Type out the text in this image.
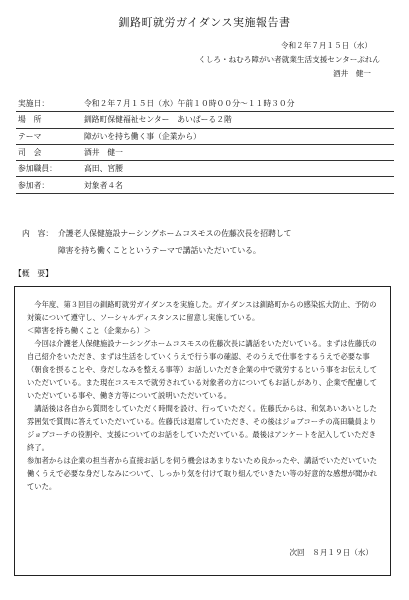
釧路町就労ガイダンス実施報告書
令和２年７月１５日（水）
くしろ・ねむろ障がい者就業生活支援センターぷれん
酒井　健一
実施日：	令和２年７月１５日（水）午前１０時００分～１１時３０分
場　所	釧路町保健福祉センター　あいぱーる２階
テーマ	障がいを持ち働く事（企業から）
司　会	酒井　健一
参加職員：	高田、宮腰
参加者：	対象者４名
内　容： 介護老人保健施設ナーシングホームコスモスの佐藤次長を招聘して
障害を持ち働くことというテーマで講話いただいている。
【概　要】

今年度、第３回目の釧路町就労ガイダンスを実施した。ガイダンスは釧路町からの感染拡大防止、予防の対策について遵守し、ソーシャルディスタンスに留意し実施している。

＜障害を持ち働くこと（企業から）＞

今回は介護老人保健施設ナーシングホームコスモスの佐藤次長に講話をいただいている。まずは佐藤氏の自己紹介をいただき、まずは生活をしていくうえで行う事の確認、そのうえで仕事をするうえで必要な事（朝食を摂ることや、身だしなみを整える事等）お話しいただき企業の中で就労するという事をお伝えしていただいている。また現在コスモスで就労されている対象者の方についてもお話しがあり、企業で配慮していただいている事や、働き方等について説明いただいている。

講話後は各自から質問をしていただく時間を設け、行っていただく。佐藤氏からは、和気あいあいとした雰囲気で質問に答えていただいている。佐藤氏は退席していただき、その後はジョブコーチの高田職員よりジョブコーチの役割や、支援についてのお話をしていただいている。最後はアンケートを記入していただき終了。

参加者からは企業の担当者から直接お話しを伺う機会はあまりないため良かったや、講話でいただいていた働くうえで必要な身だしなみについて、しっかり気を付けて取り組んでいきたい等の好意的な感想が聞かれていた。

次回　８月１９日（水）
